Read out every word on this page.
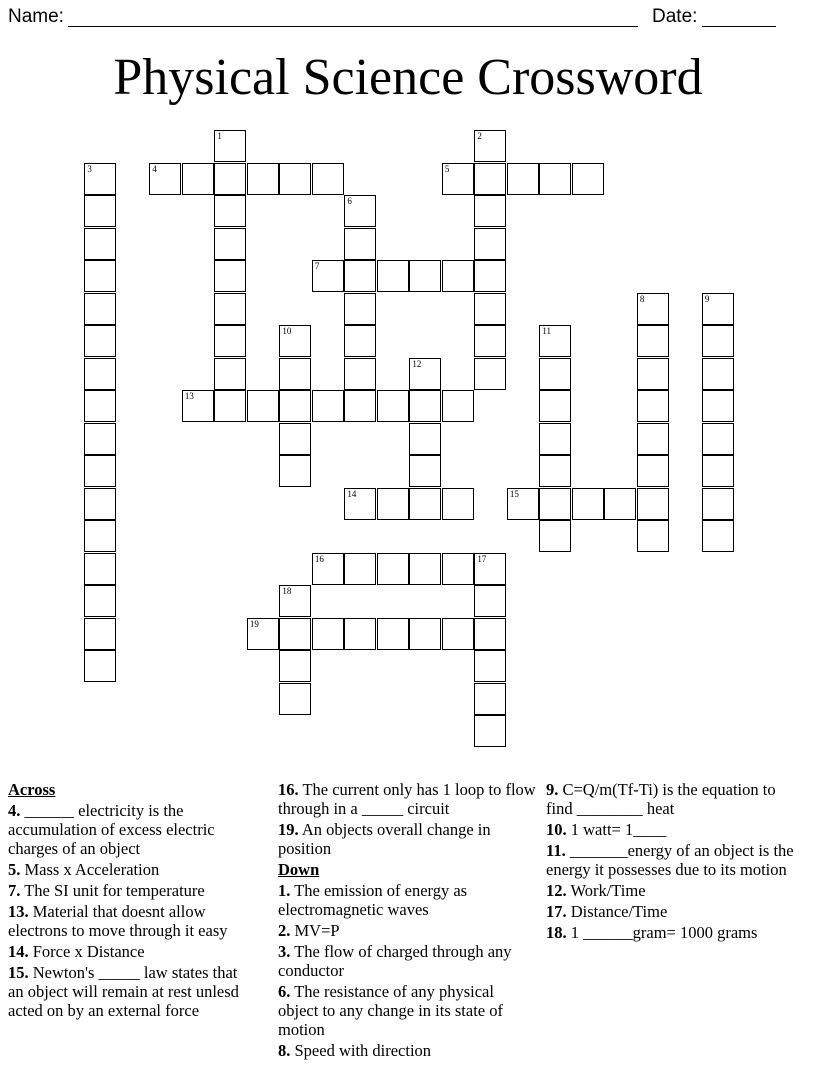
Name:	Date:
Physical Science Crossword
1	2
3	4	5
6
7
8	9
10	11
12
13
14	15
16	17
18
19
Across
4. ______ electricity is the accumulation of excess electric charges of an object
5. Mass x Acceleration
7. The SI unit for temperature
13. Material that doesnt allow electrons to move through it easy
14. Force x Distance
15. Newton's _____ law states that an object will remain at rest unlesd acted on by an external force
16. The current only has 1 loop to flow through in a _____ circuit
19. An objects overall change in position
Down
1. The emission of energy as electromagnetic waves
2. MV=P
3. The flow of charged through any conductor
6. The resistance of any physical object to any change in its state of motion
8. Speed with direction
9. C=Q/m(Tf-Ti) is the equation to find ________ heat
10. 1 watt= 1____
11. _______energy of an object is the energy it possesses due to its motion
12. Work/Time
17. Distance/Time
18. 1 ______gram= 1000 grams
